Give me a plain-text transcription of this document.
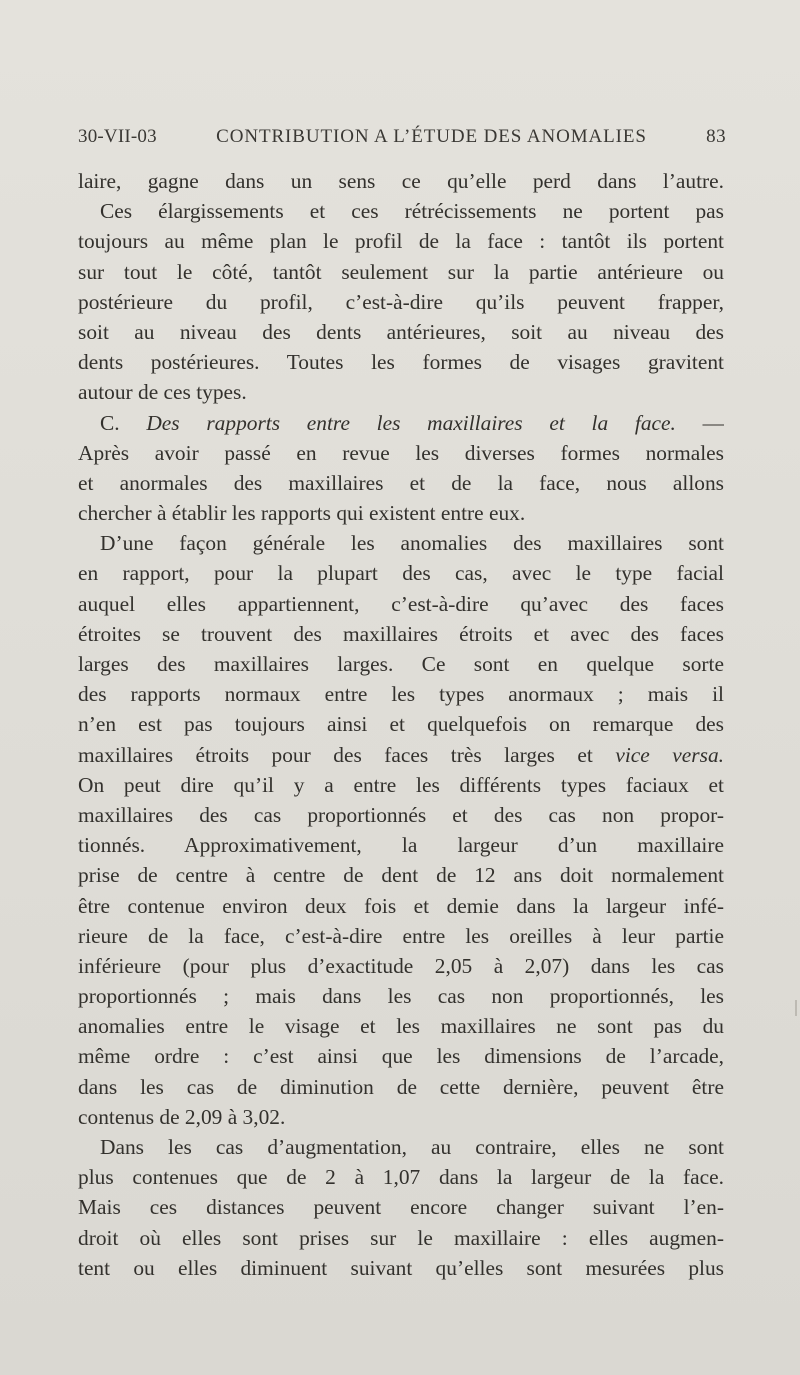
30-VII-03	CONTRIBUTION A L’ÉTUDE DES ANOMALIES	83
laire, gagne dans un sens ce qu’elle perd dans l’autre.
Ces élargissements et ces rétrécissements ne portent pas
toujours au même plan le profil de la face : tantôt ils portent
sur tout le côté, tantôt seulement sur la partie antérieure ou
postérieure du profil, c’est-à-dire qu’ils peuvent frapper,
soit au niveau des dents antérieures, soit au niveau des
dents postérieures. Toutes les formes de visages gravitent
autour de ces types.
C. Des rapports entre les maxillaires et la face. —
Après avoir passé en revue les diverses formes normales
et anormales des maxillaires et de la face, nous allons
chercher à établir les rapports qui existent entre eux.
D’une façon générale les anomalies des maxillaires sont
en rapport, pour la plupart des cas, avec le type facial
auquel elles appartiennent, c’est-à-dire qu’avec des faces
étroites se trouvent des maxillaires étroits et avec des faces
larges des maxillaires larges. Ce sont en quelque sorte
des rapports normaux entre les types anormaux ; mais il
n’en est pas toujours ainsi et quelquefois on remarque des
maxillaires étroits pour des faces très larges et vice versa.
On peut dire qu’il y a entre les différents types faciaux et
maxillaires des cas proportionnés et des cas non propor-
tionnés. Approximativement, la largeur d’un maxillaire
prise de centre à centre de dent de 12 ans doit normalement
être contenue environ deux fois et demie dans la largeur infé-
rieure de la face, c’est-à-dire entre les oreilles à leur partie
inférieure (pour plus d’exactitude 2,05 à 2,07) dans les cas
proportionnés ; mais dans les cas non proportionnés, les
anomalies entre le visage et les maxillaires ne sont pas du
même ordre : c’est ainsi que les dimensions de l’arcade,
dans les cas de diminution de cette dernière, peuvent être
contenus de 2,09 à 3,02.
Dans les cas d’augmentation, au contraire, elles ne sont
plus contenues que de 2 à 1,07 dans la largeur de la face.
Mais ces distances peuvent encore changer suivant l’en-
droit où elles sont prises sur le maxillaire : elles augmen-
tent ou elles diminuent suivant qu’elles sont mesurées plus
